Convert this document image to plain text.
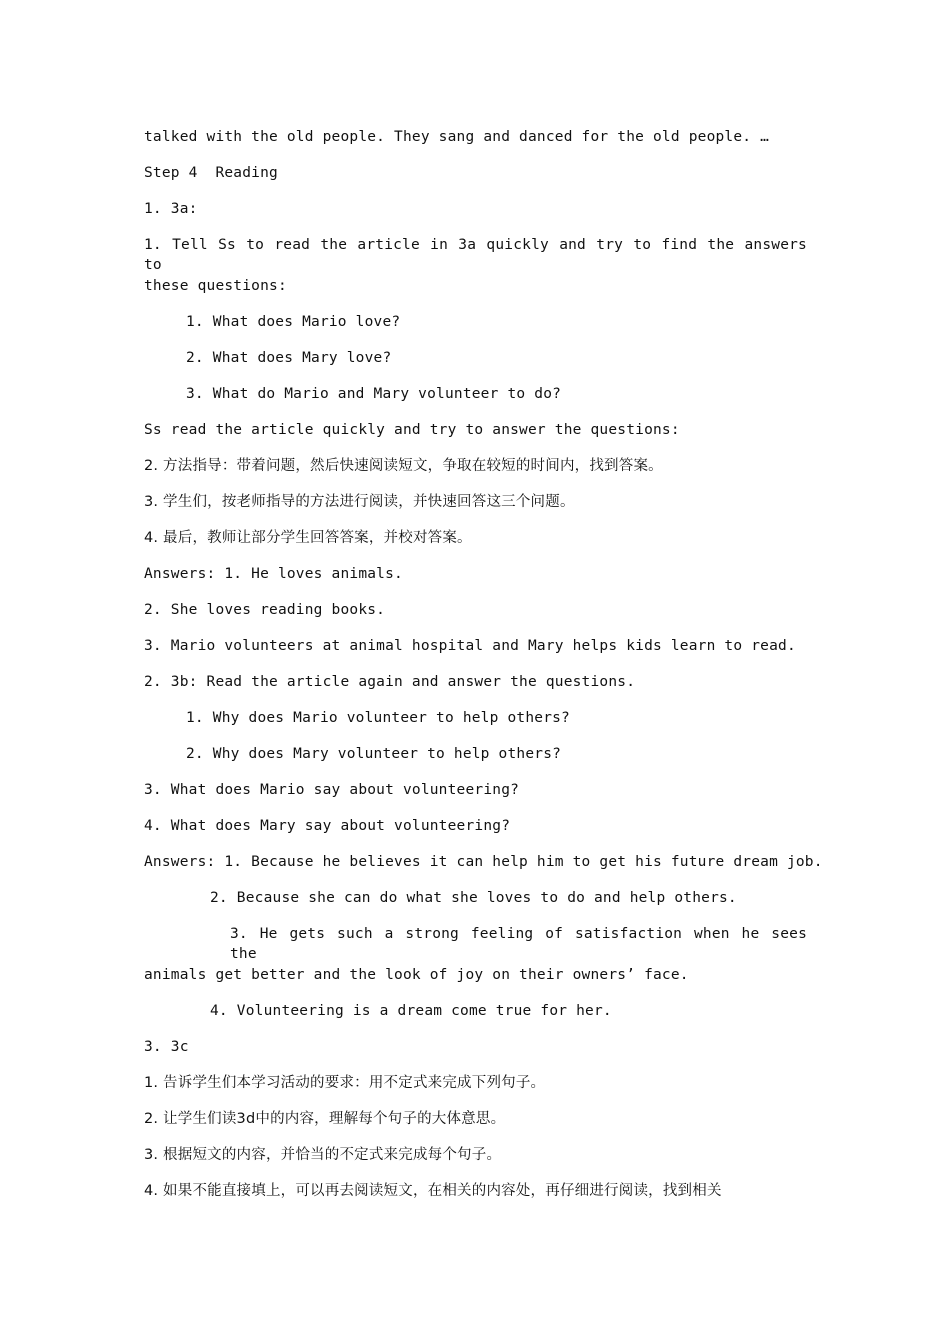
talked with the old people. They sang and danced for the old people. …
Step 4  Reading
1. 3a:
1. Tell Ss to read the article in 3a quickly and try to find the answers to
these questions:
1. What does Mario love?
2. What does Mary love?
3. What do Mario and Mary volunteer to do?
Ss read the article quickly and try to answer the questions:
2. 方法指导：带着问题，然后快速阅读短文，争取在较短的时间内，找到答案。
3. 学生们，按老师指导的方法进行阅读，并快速回答这三个问题。
4. 最后，教师让部分学生回答答案，并校对答案。
Answers: 1. He loves animals.
2. She loves reading books.
3. Mario volunteers at animal hospital and Mary helps kids learn to read.
2. 3b: Read the article again and answer the questions.
1. Why does Mario volunteer to help others?
2. Why does Mary volunteer to help others?
3. What does Mario say about volunteering?
4. What does Mary say about volunteering?
Answers: 1. Because he believes it can help him to get his future dream job.
2. Because she can do what she loves to do and help others.
3. He gets such a strong feeling of satisfaction when he sees the
animals get better and the look of joy on their owners’ face.
4. Volunteering is a dream come true for her.
3. 3c
1. 告诉学生们本学习活动的要求：用不定式来完成下列句子。
2. 让学生们读3d中的内容，理解每个句子的大体意思。
3. 根据短文的内容，并恰当的不定式来完成每个句子。
4. 如果不能直接填上，可以再去阅读短文，在相关的内容处，再仔细进行阅读，找到相关
